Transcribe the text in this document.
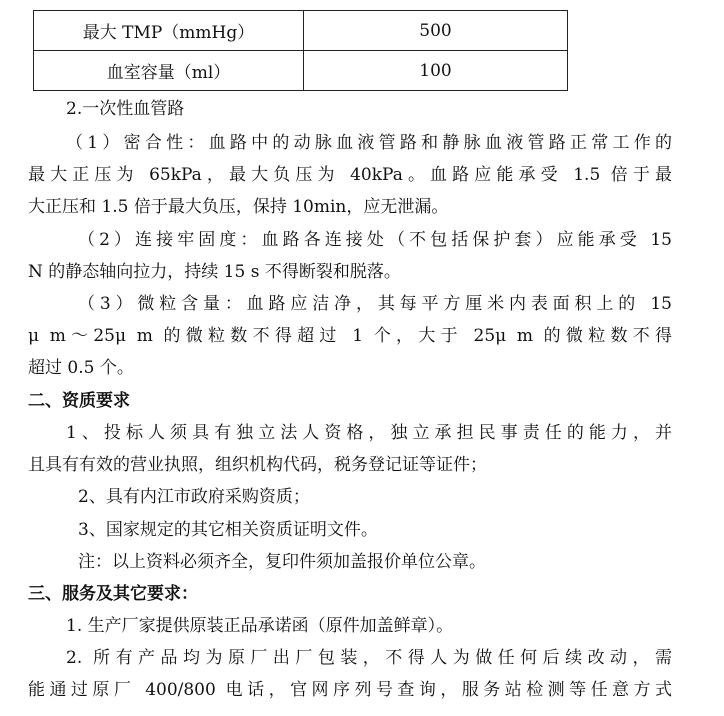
最大 TMP（mmHg）	500
血室容量（ml）	100
2.一次性血管路
（1）密合性：血路中的动脉血液管路和静脉血液管路正常工作的
最大正压为 65kPa，最大负压为 40kPa。血路应能承受 1.5 倍于最
大正压和 1.5 倍于最大负压，保持 10min，应无泄漏。
（2）连接牢固度：血路各连接处（不包括保护套）应能承受 15
N 的静态轴向拉力，持续 15 s 不得断裂和脱落。
（3）微粒含量：血路应洁净，其每平方厘米内表面积上的 15
μ m～25μ m 的微粒数不得超过 1 个，大于 25μ m 的微粒数不得
超过 0.5 个。
二、资质要求
1、投标人须具有独立法人资格，独立承担民事责任的能力，并
且具有有效的营业执照，组织机构代码，税务登记证等证件；
2、具有内江市政府采购资质；
3、国家规定的其它相关资质证明文件。
注：以上资料必须齐全，复印件须加盖报价单位公章。
三、服务及其它要求：
1. 生产厂家提供原装正品承诺函（原件加盖鲜章）。
2. 所有产品均为原厂出厂包装，不得人为做任何后续改动，需
能通过原厂 400/800 电话，官网序列号查询，服务站检测等任意方式
